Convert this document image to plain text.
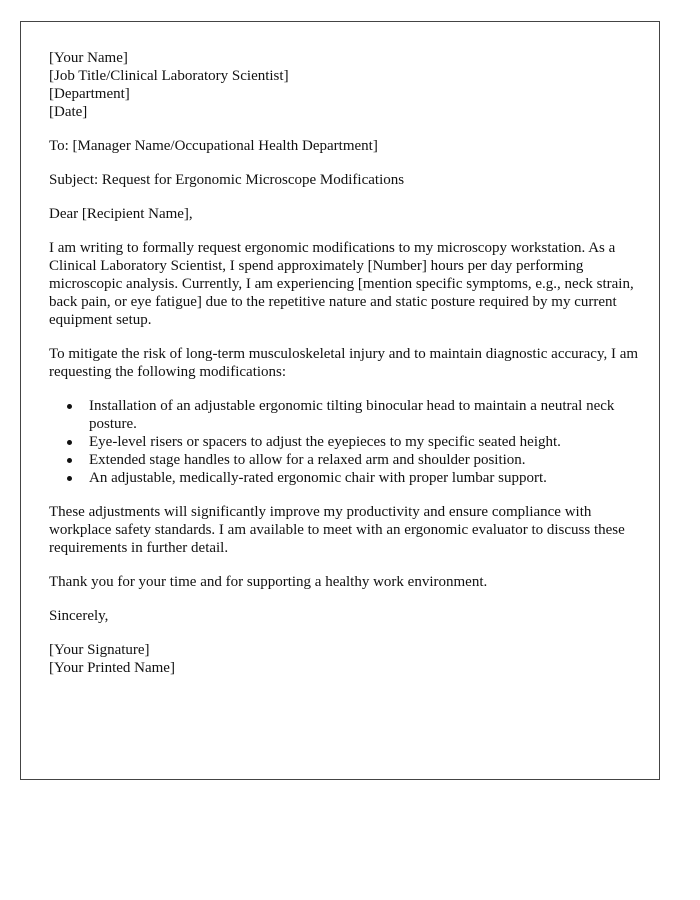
[Your Name]

[Job Title/Clinical Laboratory Scientist]

[Department]

[Date]

To: [Manager Name/Occupational Health Department]

Subject: Request for Ergonomic Microscope Modifications

Dear [Recipient Name],

I am writing to formally request ergonomic modifications to my microscopy workstation. As a Clinical Laboratory Scientist, I spend approximately [Number] hours per day performing microscopic analysis. Currently, I am experiencing [mention specific symptoms, e.g., neck strain, back pain, or eye fatigue] due to the repetitive nature and static posture required by my current equipment setup.

To mitigate the risk of long-term musculoskeletal injury and to maintain diagnostic accuracy, I am requesting the following modifications:

Installation of an adjustable ergonomic tilting binocular head to maintain a neutral neck posture.
Eye-level risers or spacers to adjust the eyepieces to my specific seated height.
Extended stage handles to allow for a relaxed arm and shoulder position.
An adjustable, medically-rated ergonomic chair with proper lumbar support.

These adjustments will significantly improve my productivity and ensure compliance with workplace safety standards. I am available to meet with an ergonomic evaluator to discuss these requirements in further detail.

Thank you for your time and for supporting a healthy work environment.

Sincerely,

[Your Signature]

[Your Printed Name]
